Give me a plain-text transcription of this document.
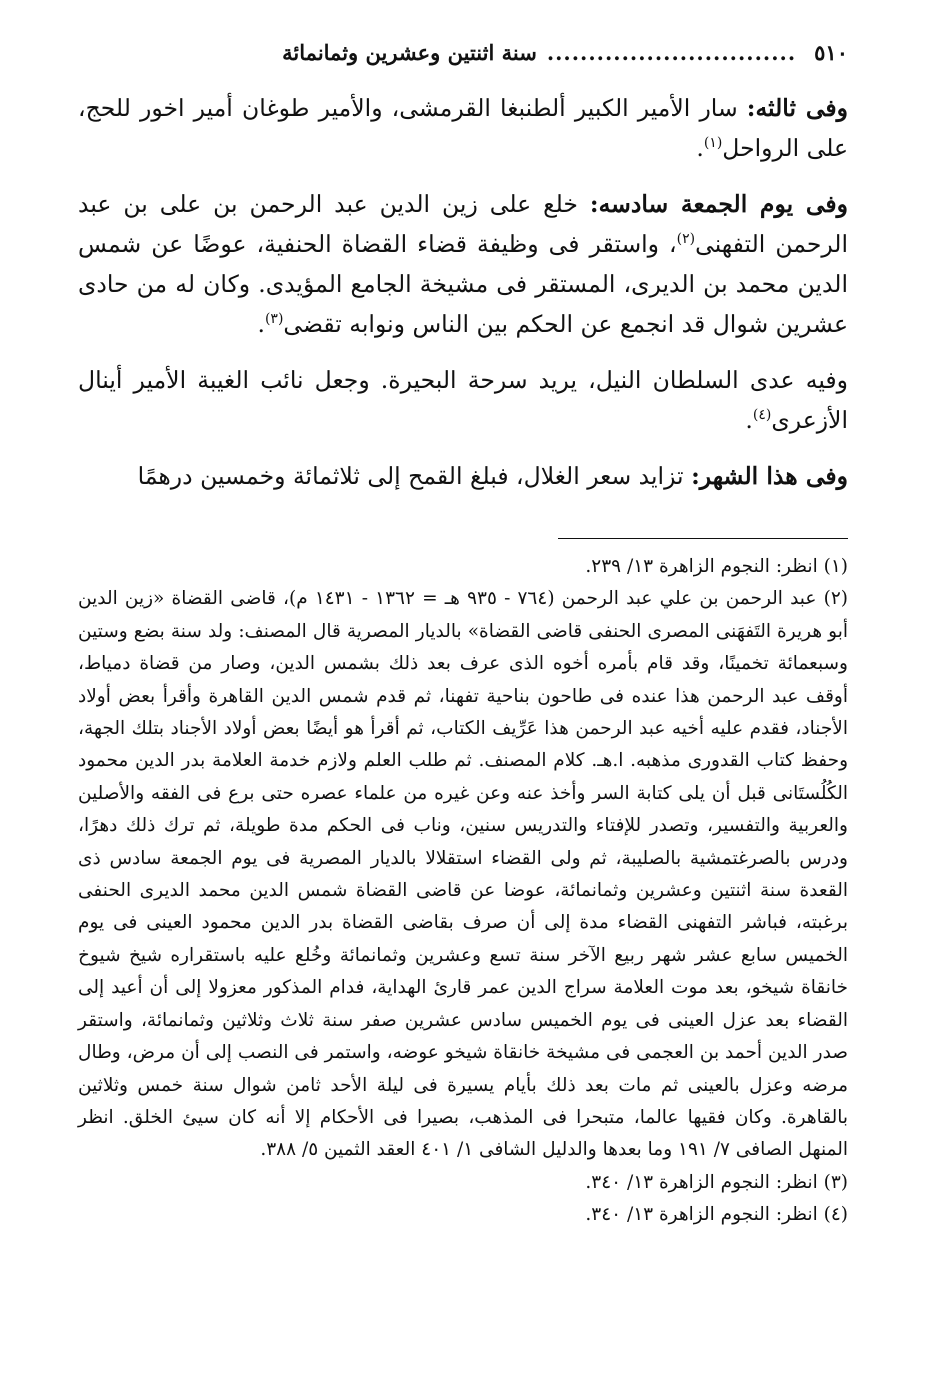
٥١٠
..............................
سنة اثنتين وعشرين وثمانمائة

وفى ثالثه: سار الأمير الكبير ألطنبغا القرمشى، والأمير طوغان أمير اخور للحج، على الرواحل$^{(١)}$.

وفى يوم الجمعة سادسه: خلع على زين الدين عبد الرحمن بن على بن عبد الرحمن التفهنى$^{(٢)}$، واستقر فى وظيفة قضاء القضاة الحنفية، عوضًا عن شمس الدين محمد بن الديرى، المستقر فى مشيخة الجامع المؤيدى. وكان له من حادى عشرين شوال قد انجمع عن الحكم بين الناس ونوابه تقضى$^{(٣)}$.

وفيه عدى السلطان النيل، يريد سرحة البحيرة. وجعل نائب الغيبة الأمير أينال الأزعرى$^{(٤)}$.

وفى هذا الشهر: تزايد سعر الغلال، فبلغ القمح إلى ثلاثمائة وخمسين درهمًا

(١) انظر: النجوم الزاهرة ١٣/ ٢٣٩.

(٢) عبد الرحمن بن علي عبد الرحمن (٧٦٤ - ٩٣٥ هـ = ١٣٦٢ - ١٤٣١ م)، قاضى القضاة «زين الدين أبو هريرة التَفهَنى المصرى الحنفى قاضى القضاة» بالديار المصرية قال المصنف: ولد سنة بضع وستين وسبعمائة تخمينًا، وقد قام بأمره أخوه الذى عرف بعد ذلك بشمس الدين، وصار من قضاة دمياط، أوقف عبد الرحمن هذا عنده فى طاحون بناحية تفهنا، ثم قدم شمس الدين القاهرة وأقرأ بعض أولاد الأجناد، فقدم عليه أخيه عبد الرحمن هذا عَرِّيف الكتاب، ثم أقرأ هو أيضًا بعض أولاد الأجناد بتلك الجهة، وحفظ كتاب القدورى مذهبه. ا.هـ. كلام المصنف. ثم طلب العلم ولازم خدمة العلامة بدر الدين محمود الكُلُستَانى قبل أن يلى كتابة السر وأخذ عنه وعن غيره من علماء عصره حتى برع فى الفقه والأصلين والعربية والتفسير، وتصدر للإفتاء والتدريس سنين، وناب فى الحكم مدة طويلة، ثم ترك ذلك دهرًا، ودرس بالصرغتمشية بالصليبة، ثم ولى القضاء استقلالا بالديار المصرية فى يوم الجمعة سادس ذى القعدة سنة اثنتين وعشرين وثمانمائة، عوضا عن قاضى القضاة شمس الدين محمد الديرى الحنفى برغبته، فباشر التفهنى القضاء مدة إلى أن صرف بقاضى القضاة بدر الدين محمود العينى فى يوم الخميس سابع عشر شهر ربيع الآخر سنة تسع وعشرين وثمانمائة وخُلع عليه باستقراره شيخ شيوخ خانقاة شيخو، بعد موت العلامة سراج الدين عمر قارئ الهداية، فدام المذكور معزولا إلى أن أعيد إلى القضاء بعد عزل العينى فى يوم الخميس سادس عشرين صفر سنة ثلاث وثلاثين وثمانمائة، واستقر صدر الدين أحمد بن العجمى فى مشيخة خانقاة شيخو عوضه، واستمر فى النصب إلى أن مرض، وطال مرضه وعزل بالعينى ثم مات بعد ذلك بأيام يسيرة فى ليلة الأحد ثامن شوال سنة خمس وثلاثين بالقاهرة. وكان فقيها عالما، متبحرا فى المذهب، بصيرا فى الأحكام إلا أنه كان سيئ الخلق. انظر المنهل الصافى ٧/ ١٩١ وما بعدها والدليل الشافى ١/ ٤٠١ العقد الثمين ٥/ ٣٨٨.

(٣) انظر: النجوم الزاهرة ١٣/ ٣٤٠.

(٤) انظر: النجوم الزاهرة ١٣/ ٣٤٠.
